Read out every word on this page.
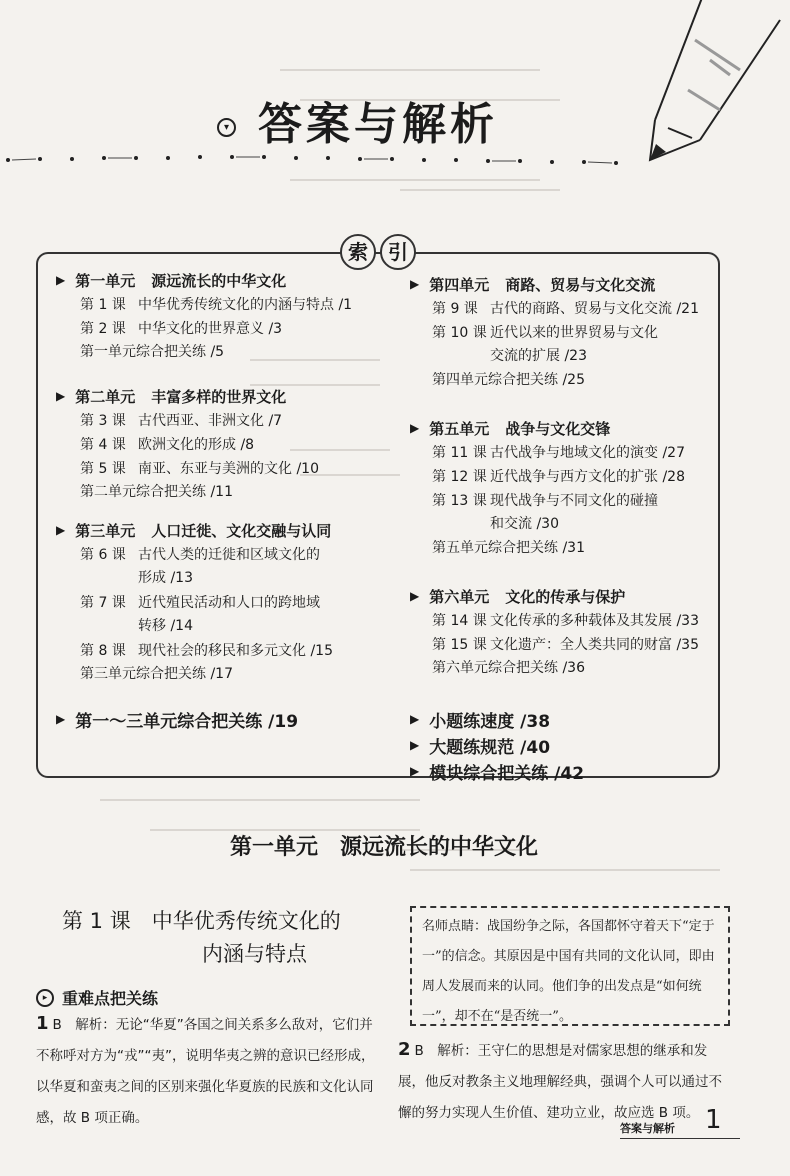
▾ 答案与解析
索	引
▶ 第一单元 源远流长的中华文化
第 1 课 中华优秀传统文化的内涵与特点 /1
第 2 课 中华文化的世界意义 /3
第一单元综合把关练 /5
▶ 第二单元 丰富多样的世界文化
第 3 课 古代西亚、非洲文化 /7
第 4 课 欧洲文化的形成 /8
第 5 课 南亚、东亚与美洲的文化 /10
第二单元综合把关练 /11
▶ 第三单元 人口迁徙、文化交融与认同
第 6 课 古代人类的迁徙和区域文化的
形成 /13
第 7 课 近代殖民活动和人口的跨地域
转移 /14
第 8 课 现代社会的移民和多元文化 /15
第三单元综合把关练 /17
▶ 第一～三单元综合把关练 /19
▶ 第四单元 商路、贸易与文化交流
第 9 课 古代的商路、贸易与文化交流 /21
第 10 课 近代以来的世界贸易与文化
交流的扩展 /23
第四单元综合把关练 /25
▶ 第五单元 战争与文化交锋
第 11 课 古代战争与地域文化的演变 /27
第 12 课 近代战争与西方文化的扩张 /28
第 13 课 现代战争与不同文化的碰撞
和交流 /30
第五单元综合把关练 /31
▶ 第六单元 文化的传承与保护
第 14 课 文化传承的多种载体及其发展 /33
第 15 课 文化遗产：全人类共同的财富 /35
第六单元综合把关练 /36
▶ 小题练速度 /38
▶ 大题练规范 /40
▶ 模块综合把关练 /42
第一单元　源远流长的中华文化
第 1 课　中华优秀传统文化的
内涵与特点
▸ 重难点把关练
1 B　解析：无论“华夏”各国之间关系多么敌对，它们并不称呼对方为“戎”“夷”，说明华夷之辨的意识已经形成，以华夏和蛮夷之间的区别来强化华夏族的民族和文化认同感，故 B 项正确。
名师点睛：战国纷争之际，各国都怀守着天下“定于一”的信念。其原因是中国有共同的文化认同，即由周人发展而来的认同。他们争的出发点是“如何统一”，却不在“是否统一”。
2 B　解析：王守仁的思想是对儒家思想的继承和发展，他反对教条主义地理解经典，强调个人可以通过不懈的努力实现人生价值、建功立业，故应选 B 项。
答案与解析 1
